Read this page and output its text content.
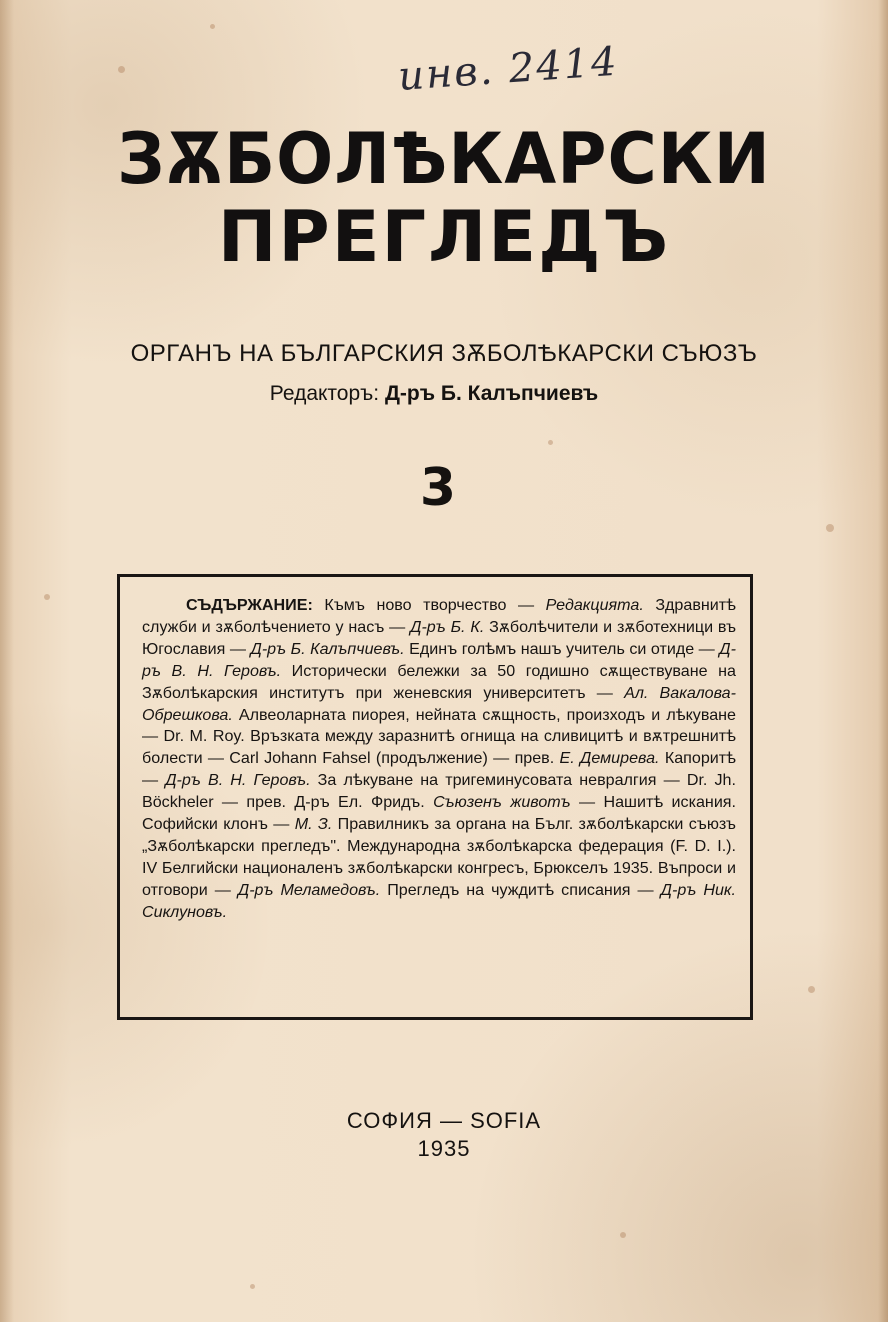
инв. 2414
ЗѪБОЛѢКАРСКИ
ПРЕГЛЕДЪ
ОРГАНЪ НА БЪЛГАРСКИЯ ЗѪБОЛѢКАРСКИ СЪЮЗЪ
Редакторъ: Д-ръ Б. Калъпчиевъ
3
СЪДЪРЖАНИЕ: Къмъ ново творчество — Редакцията. Здравнитѣ служби и зѫболѣчението у насъ — Д-ръ Б. К. Зѫболѣчители и зѫботехници въ Югославия — Д-ръ Б. Калъпчиевъ. Единъ голѣмъ нашъ учитель си отиде — Д-ръ В. Н. Геровъ. Исторически бележки за 50 годишно сѫществуване на Зѫболѣкарския институтъ при женевския университетъ — Ал. Вакалова-Обрешкова. Алвеоларната пиорея, нейната сѫщность, произходъ и лѣкуване — Dr. M. Roy. Връзката между заразнитѣ огнища на сливицитѣ и вѫтрешнитѣ болести — Carl Johann Fahsel (продължение) — прев. Е. Демирева. Капоритѣ — Д-ръ В. Н. Геровъ. За лѣкуване на тригеминусовата невралгия — Dr. Jh. Böckheler — прев. Д-ръ Ел. Фридъ. Съюзенъ животъ — Нашитѣ искания. Софийски клонъ — М. З. Правилникъ за органа на Бълг. зѫболѣкарски съюзъ „Зѫболѣкарски прегледъ". Международна зѫболѣкарска федерация (F. D. I.). IV Белгийски националенъ зѫболѣкарски конгресъ, Брюкселъ 1935. Въпроси и отговори — Д-ръ Меламедовъ. Прегледъ на чуждитѣ списания — Д-ръ Ник. Сиклуновъ.
СОФИЯ — SOFIA
1935
